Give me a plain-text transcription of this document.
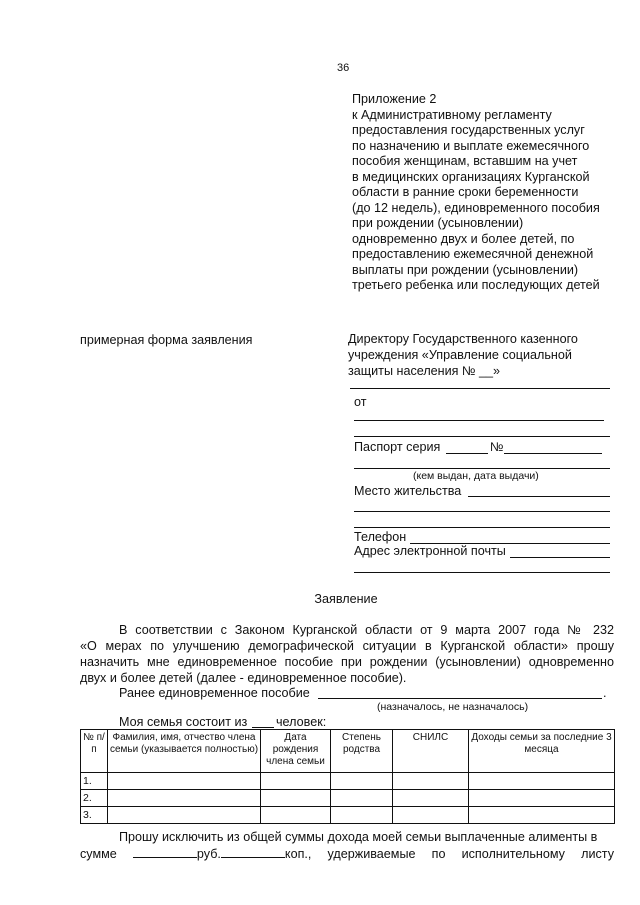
36
Приложение 2
к Административному регламенту
предоставления государственных услуг
по назначению и выплате ежемесячного
пособия женщинам, вставшим на учет
в медицинских организациях Курганской
области в ранние сроки беременности
(до 12 недель), единовременного пособия
при рождении (усыновлении)
одновременно двух и более детей, по
предоставлению ежемесячной денежной
выплаты при рождении (усыновлении)
третьего ребенка или последующих детей
примерная форма заявления	Директору Государственного казенного
учреждения «Управление социальной
защиты населения № __»
от
Паспорт серия	№
(кем выдан, дата выдачи)
Место жительства
Телефон
Адрес электронной почты
Заявление
В соответствии с Законом Курганской области от 9 марта 2007 года № 232
«О мерах по улучшению демографической ситуации в Курганской области» прошу
назначить мне единовременное пособие при рождении (усыновлении) одновременно
двух и более детей (далее - единовременное пособие).
Ранее единовременное пособие	.
(назначалось, не назначалось)
Моя семья состоит из человек:
№ п/п	Фамилия, имя, отчество члена семьи (указывается полностью)	Дата рождения члена семьи	Степень родства	СНИЛС	Доходы семьи за последние 3 месяца
1.					
2.					
3.					
Прошу исключить из общей суммы дохода моей семьи выплаченные алименты в
сумме	руб.	коп., удерживаемые по исполнительному листу
